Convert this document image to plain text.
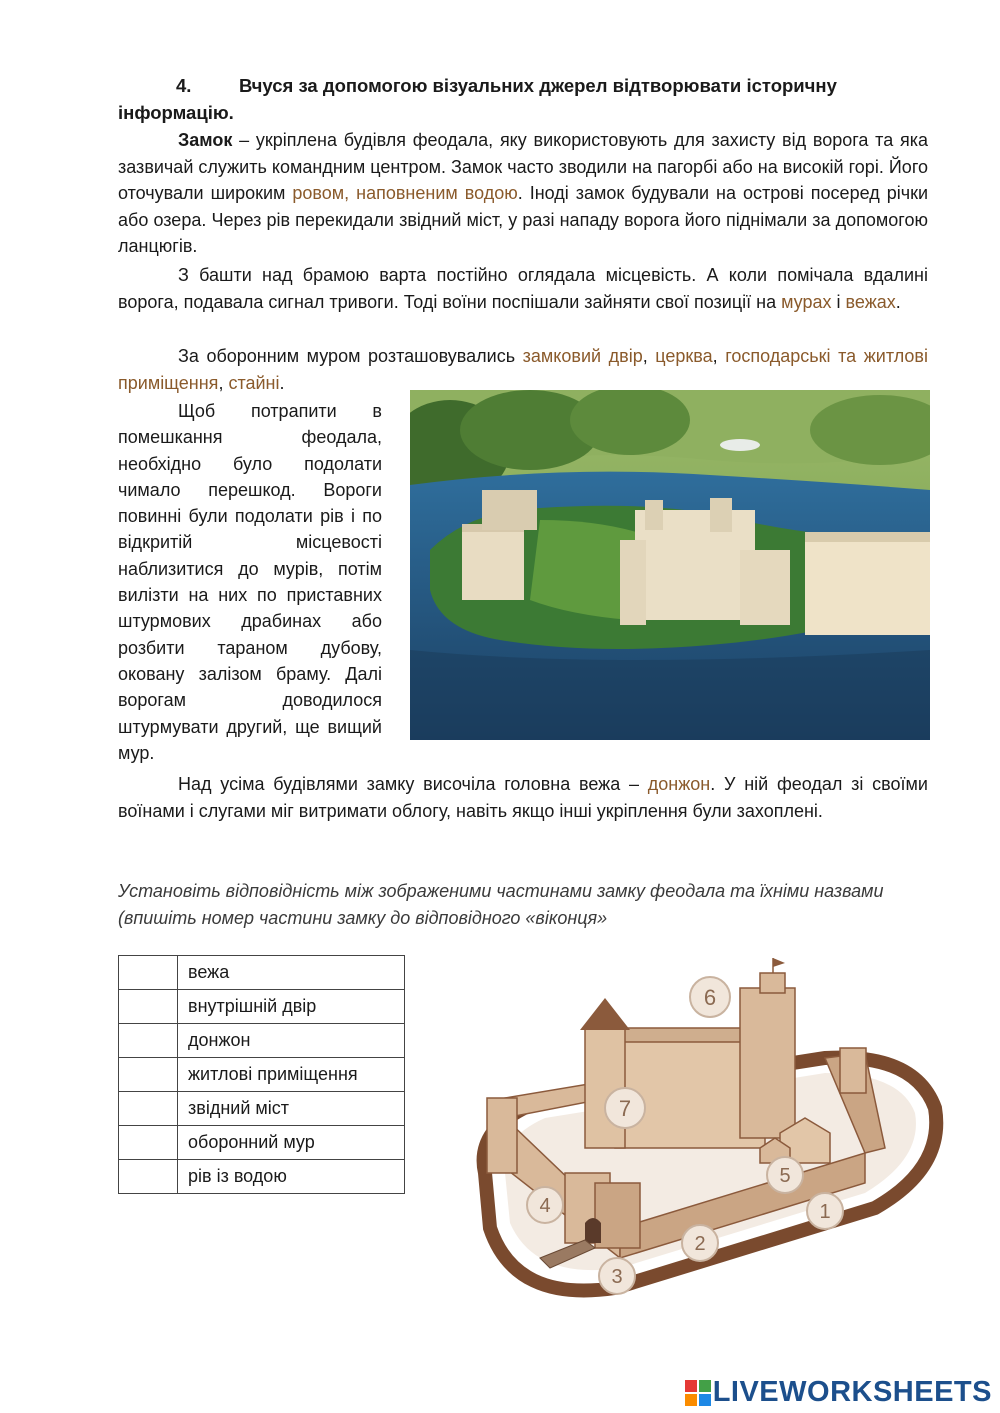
4.	Вчуся за допомогою візуальних джерел відтворювати історичну інформацію.

Замок – укріплена будівля феодала, яку використовують для захисту від ворога та яка зазвичай служить командним центром. Замок часто зводили на пагорбі або на високій горі. Його оточували широким ровом, наповненим водою. Іноді замок будували на острові посеред річки або озера. Через рів перекидали звідний міст, у разі нападу ворога його піднімали за допомогою ланцюгів.

З башти над брамою варта постійно оглядала місцевість. А коли помічала вдалині ворога, подавала сигнал тривоги. Тоді воїни поспішали зайняти свої позиції на мурах і вежах.

За оборонним муром розташовувались замковий двір, церква, господарські та житлові приміщення, стайні.

Щоб потрапити в помешкання феодала, необхідно було подолати чимало перешкод. Вороги повинні були подолати рів і по відкритій місцевості наблизитися до мурів, потім вилізти на них по приставних штурмових драбинах або розбити тараном дубову, оковану залізом браму. Далі ворогам доводилося штурмувати другий, ще вищий мур.

Над усіма будівлями замку височіла головна вежа – донжон. У ній феодал зі своїми воїнами і слугами міг витримати облогу, навіть якщо інші укріплення були захоплені.

Установіть відповідність між зображеними частинами замку феодала та їхніми назвами (впишіть номер частини замку до відповідного «віконця»

	вежа
	внутрішній двір
	донжон
	житлові приміщення
	звідний міст
	оборонний мур
	рів із водою
1
2
3
4
5
6
7
LIVEWORKSHEETS
